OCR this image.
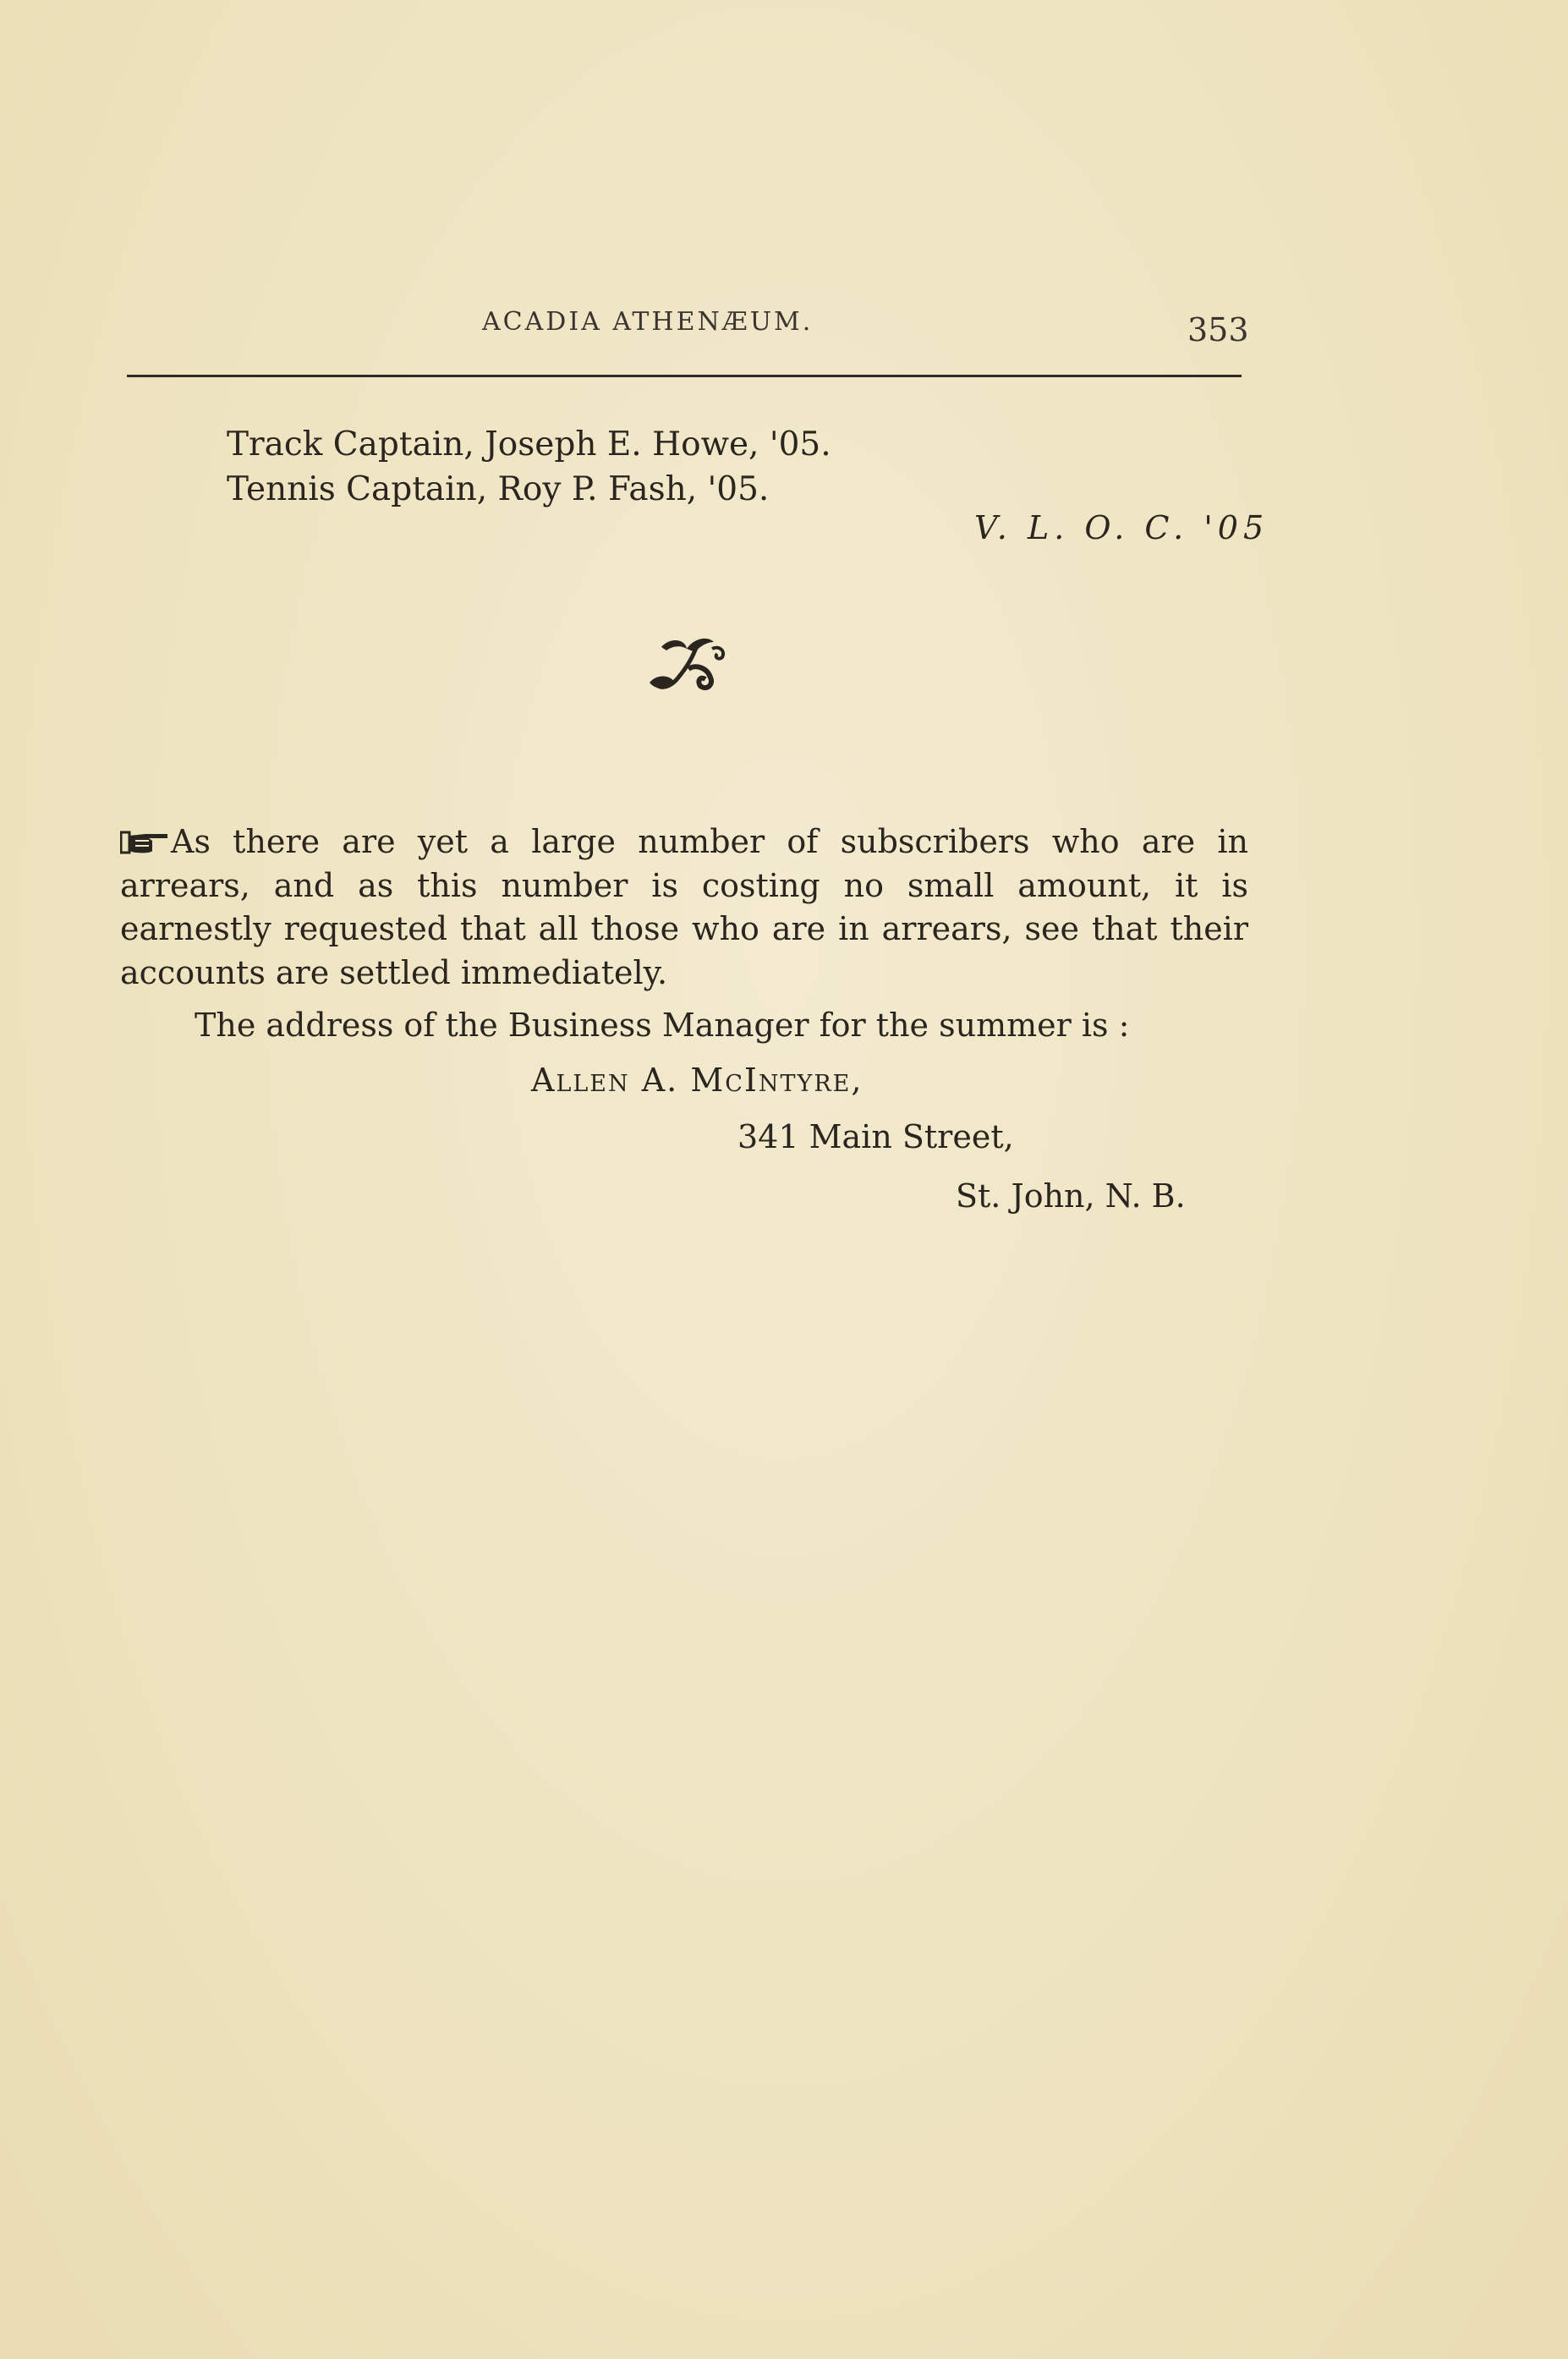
ACADIA ATHENÆUM.	353
Track Captain, Joseph E. Howe, '05.
Tennis Captain, Roy P. Fash, '05.
V. L. O. C. '05

As there are yet a large number of subscribers who are in arrears, and as this number is costing no small amount, it is earnestly requested that all those who are in arrears, see that their accounts are settled immediately.

The address of the Business Manager for the summer is :
Allen A. McIntyre,
341 Main Street,
St. John, N. B.
